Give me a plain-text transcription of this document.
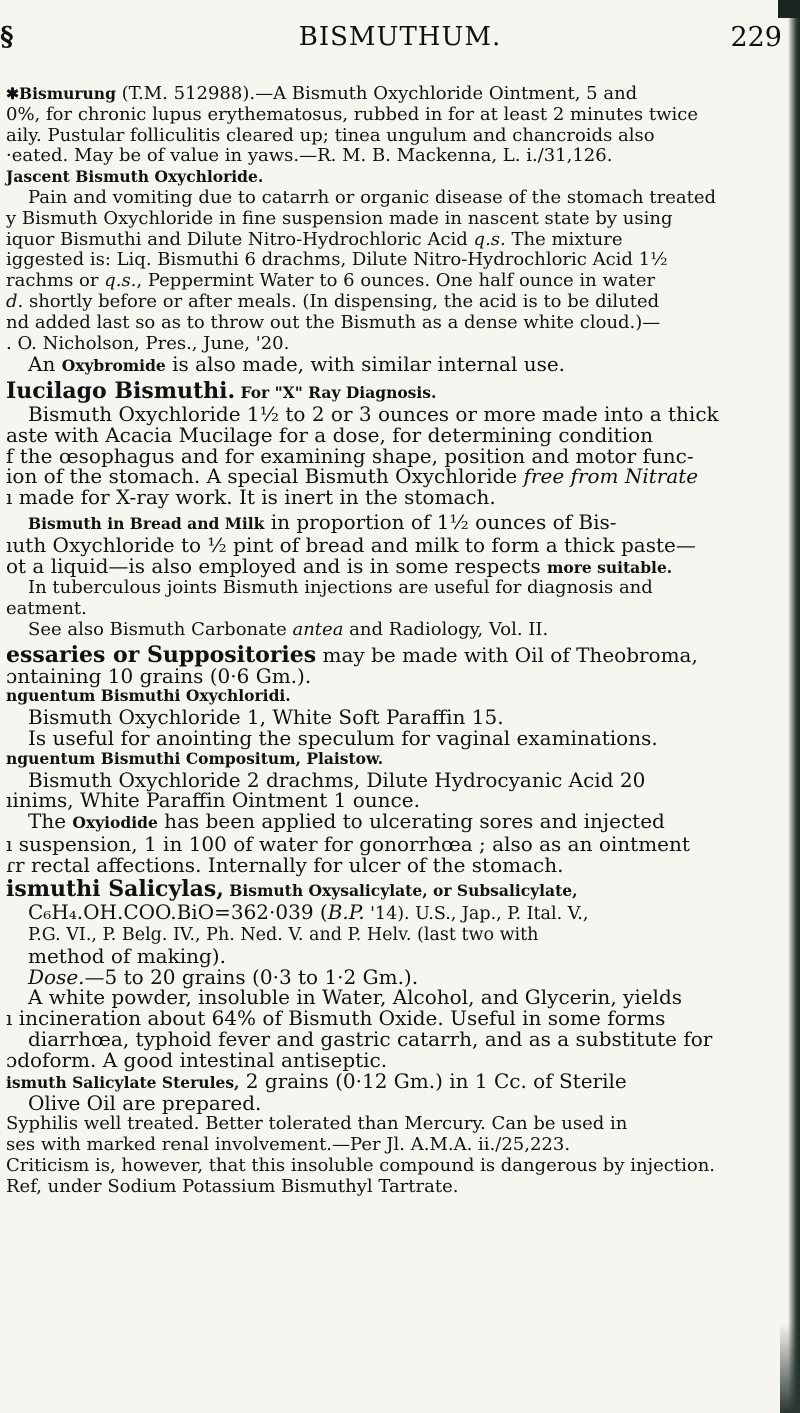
§	BISMUTHUM.	229

✱Bismurung (T.M. 512988).—A Bismuth Oxychloride Ointment, 5 and

0%, for chronic lupus erythematosus, rubbed in for at least 2 minutes twice

aily. Pustular folliculitis cleared up; tinea ungulum and chancroids also

·eated. May be of value in yaws.—R. M. B. Mackenna, L. i./31,126.

Jascent Bismuth Oxychloride.

Pain and vomiting due to catarrh or organic disease of the stomach treated

y Bismuth Oxychloride in fine suspension made in nascent state by using

iquor Bismuthi and Dilute Nitro-Hydrochloric Acid q.s. The mixture

iggested is: Liq. Bismuthi 6 drachms, Dilute Nitro-Hydrochloric Acid 1½

rachms or q.s., Peppermint Water to 6 ounces. One half ounce in water

d. shortly before or after meals. (In dispensing, the acid is to be diluted

nd added last so as to throw out the Bismuth as a dense white cloud.)—

. O. Nicholson, Pres., June, '20.

An Oxybromide is also made, with similar internal use.

Iucilago Bismuthi. For "X" Ray Diagnosis.

Bismuth Oxychloride 1½ to 2 or 3 ounces or more made into a thick

aste with Acacia Mucilage for a dose, for determining condition

f the œsophagus and for examining shape, position and motor func-

ion of the stomach. A special Bismuth Oxychloride free from Nitrate

ı made for X-ray work. It is inert in the stomach.

Bismuth in Bread and Milk in proportion of 1½ ounces of Bis-

ıuth Oxychloride to ½ pint of bread and milk to form a thick paste—

ot a liquid—is also employed and is in some respects more suitable.

In tuberculous joints Bismuth injections are useful for diagnosis and

eatment.

See also Bismuth Carbonate antea and Radiology, Vol. II.

essaries or Suppositories may be made with Oil of Theobroma,

ɔntaining 10 grains (0·6 Gm.).

nguentum Bismuthi Oxychloridi.

Bismuth Oxychloride 1, White Soft Paraffin 15.

Is useful for anointing the speculum for vaginal examinations.

nguentum Bismuthi Compositum, Plaistow.

Bismuth Oxychloride 2 drachms, Dilute Hydrocyanic Acid 20

ıinims, White Paraffin Ointment 1 ounce.

The Oxyiodide has been applied to ulcerating sores and injected

ı suspension, 1 in 100 of water for gonorrhœa ; also as an ointment

ɾr rectal affections. Internally for ulcer of the stomach.

ismuthi Salicylas, Bismuth Oxysalicylate, or Subsalicylate,

C₆H₄.OH.COO.BiO=362·039 (B.P. '14). U.S., Jap., P. Ital. V.,

P.G. VI., P. Belg. IV., Ph. Ned. V. and P. Helv. (last two with

method of making).

Dose.—5 to 20 grains (0·3 to 1·2 Gm.).

A white powder, insoluble in Water, Alcohol, and Glycerin, yields

ı incineration about 64% of Bismuth Oxide. Useful in some forms

diarrhœa, typhoid fever and gastric catarrh, and as a substitute for

ɔdoform. A good intestinal antiseptic.

ismuth Salicylate Sterules, 2 grains (0·12 Gm.) in 1 Cc. of Sterile

Olive Oil are prepared.

Syphilis well treated. Better tolerated than Mercury. Can be used in

ses with marked renal involvement.—Per Jl. A.M.A. ii./25,223.

Criticism is, however, that this insoluble compound is dangerous by injection.

Ref, under Sodium Potassium Bismuthyl Tartrate.
